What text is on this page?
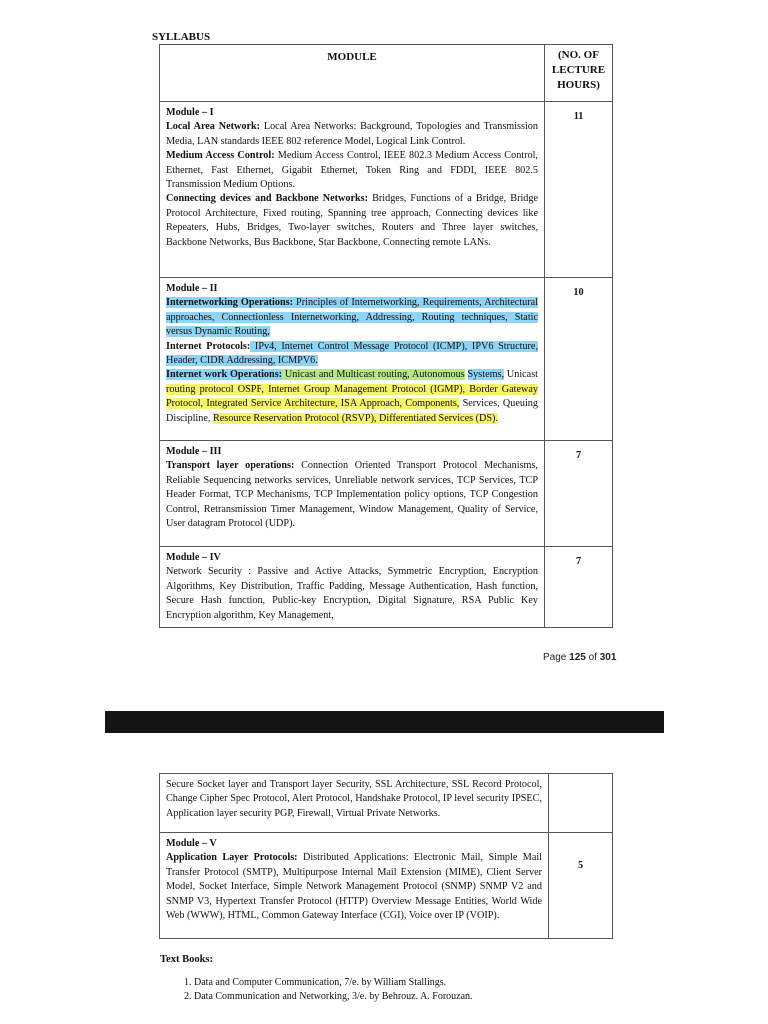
SYLLABUS
MODULE	(NO. OF
LECTURE
HOURS)

Module – I
Local Area Network: Local Area Networks: Background, Topologies and Transmission Media, LAN standards IEEE 802 reference Model, Logical Link Control.
Medium Access Control: Medium Access Control, IEEE 802.3 Medium Access Control, Ethernet, Fast Ethernet, Gigabit Ethernet, Token Ring and FDDI, IEEE 802.5 Transmission Medium Options.
Connecting devices and Backbone Networks: Bridges, Functions of a Bridge, Bridge Protocol Architecture, Fixed routing, Spanning tree approach, Connecting devices like Repeaters, Hubs, Bridges, Two-layer switches, Routers and Three layer switches, Backbone Networks, Bus Backbone, Star Backbone, Connecting remote LANs.	11

Module – II
Internetworking Operations: Principles of Internetworking, Requirements, Architectural approaches, Connectionless Internetworking, Addressing, Routing techniques, Static versus Dynamic Routing,
Internet Protocols: IPv4, Internet Control Message Protocol (ICMP), IPV6 Structure, Header, CIDR Addressing, ICMPV6.
Internet work Operations: Unicast and Multicast routing, Autonomous Systems, Unicast routing protocol OSPF, Internet Group Management Protocol (IGMP), Border Gateway Protocol, Integrated Service Architecture, ISA Approach, Components, Services, Queuing Discipline, Resource Reservation Protocol (RSVP), Differentiated Services (DS).	10

Module – III
Transport layer operations: Connection Oriented Transport Protocol Mechanisms, Reliable Sequencing networks services, Unreliable network services, TCP Services, TCP Header Format, TCP Mechanisms, TCP Implementation policy options, TCP Congestion Control, Retransmission Timer Management, Window Management, Quality of Service, User datagram Protocol (UDP).	7

Module – IV
Network Security : Passive and Active Attacks, Symmetric Encryption, Encryption Algorithms, Key Distribution, Traffic Padding, Message Authentication, Hash function, Secure Hash function, Public-key Encryption, Digital Signature, RSA Public Key Encryption algorithm, Key Management,	7
Page 125 of 301
Secure Socket layer and Transport layer Security, SSL Architecture, SSL Record Protocol, Change Cipher Spec Protocol, Alert Protocol, Handshake Protocol, IP level security IPSEC, Application layer security PGP, Firewall, Virtual Private Networks.	

Module – V
Application Layer Protocols: Distributed Applications: Electronic Mail, Simple Mail Transfer Protocol (SMTP), Multipurpose Internal Mail Extension (MIME), Client Server Model, Socket Interface, Simple Network Management Protocol (SNMP) SNMP V2 and SNMP V3, Hypertext Transfer Protocol (HTTP) Overview Message Entities, World Wide Web (WWW), HTML, Common Gateway Interface (CGI), Voice over IP (VOIP).	5
Text Books:
1. Data and Computer Communication, 7/e. by William Stallings.
2. Data Communication and Networking, 3/e. by Behrouz. A. Forouzan.
